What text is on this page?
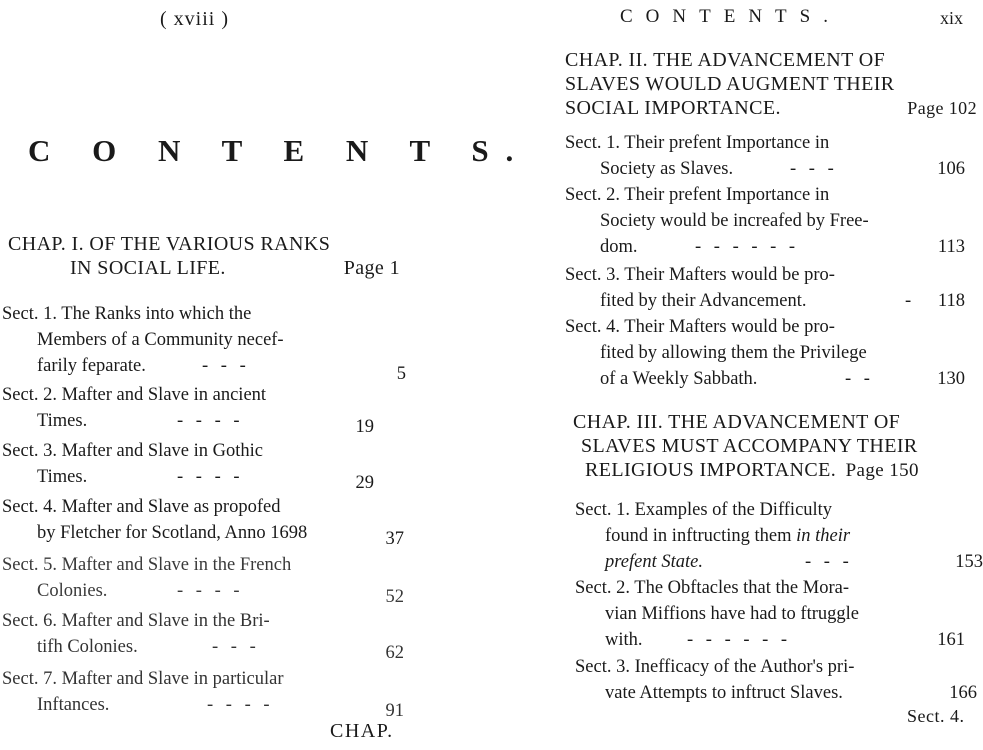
( xviii )
C O N T E N T S.
CHAP. I. OF THE VARIOUS RANKS
IN SOCIAL LIFE.	Page 1
Sect. 1. The Ranks into which the
Members of a Community necef-
farily feparate.	- - -	5
Sect. 2. Mafter and Slave in ancient
Times.	- - - -	19
Sect. 3. Mafter and Slave in Gothic
Times.	- - - -	29
Sect. 4. Mafter and Slave as propofed
by Fletcher for Scotland, Anno 1698	37
Sect. 5. Mafter and Slave in the French
Colonies.	- - - -	52
Sect. 6. Mafter and Slave in the Bri-
tifh Colonies.	- - -	62
Sect. 7. Mafter and Slave in particular
Inftances.	- - - -	91
CHAP.
CONTENTS.	xix
CHAP. II. THE ADVANCEMENT OF
SLAVES WOULD AUGMENT THEIR
SOCIAL IMPORTANCE.	Page 102
Sect. 1. Their prefent Importance in
Society as Slaves.	- - -	106
Sect. 2. Their prefent Importance in
Society would be increafed by Free-
dom.	- - - - - -	113
Sect. 3. Their Mafters would be pro-
fited by their Advancement.	- 118
Sect. 4. Their Mafters would be pro-
fited by allowing them the Privilege
of a Weekly Sabbath.	- -	130
CHAP. III. THE ADVANCEMENT OF
SLAVES MUST ACCOMPANY THEIR
RELIGIOUS IMPORTANCE. Page 150
Sect. 1. Examples of the Difficulty
found in inftructing them in their
prefent State.	- - -	153
Sect. 2. The Obftacles that the Mora-
vian Miffions have had to ftruggle
with. - - - - - -	161
Sect. 3. Inefficacy of the Author's pri-
vate Attempts to inftruct Slaves.	166
Sect. 4.
